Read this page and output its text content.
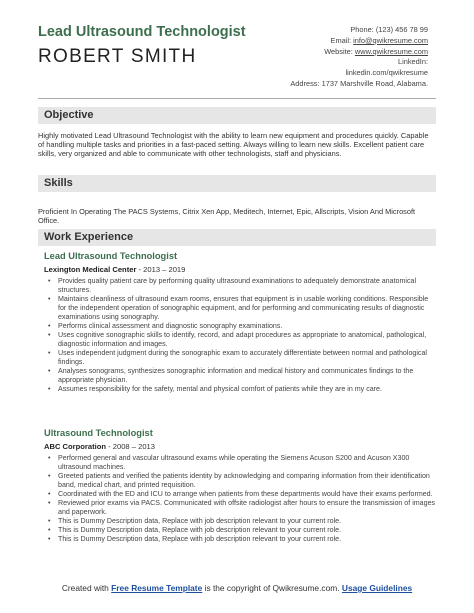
Lead Ultrasound Technologist
ROBERT SMITH
Phone: (123) 456 78 99
Email: info@qwikresume.com
Website: www.qwikresume.com
LinkedIn:
linkedin.com/qwikresume
Address: 1737 Marshville Road, Alabama.
Objective
Highly motivated Lead Ultrasound Technologist with the ability to learn new equipment and procedures quickly. Capable of handling multiple tasks and priorities in a fast-paced setting. Always willing to learn new skills. Excellent patient care skills, very organized and able to communicate with other technologists, staff and physicians.
Skills
Proficient In Operating The PACS Systems, Citrix Xen App, Meditech, Internet, Epic, Allscripts, Vision And Microsoft Office.
Work Experience
Lead Ultrasound Technologist
Lexington Medical Center - 2013 – 2019
• Provides quality patient care by performing quality ultrasound examinations to adequately demonstrate anatomical structures.
• Maintains cleanliness of ultrasound exam rooms, ensures that equipment is in usable working conditions. Responsible for the independent operation of sonographic equipment, and for performing and communicating results of diagnostic examinations using sonography.
• Performs clinical assessment and diagnostic sonography examinations.
• Uses cognitive sonographic skills to identify, record, and adapt procedures as appropriate to anatomical, pathological, diagnostic information and images.
• Uses independent judgment during the sonographic exam to accurately differentiate between normal and pathological findings.
• Analyses sonograms, synthesizes sonographic information and medical history and communicates findings to the appropriate physician.
• Assumes responsibility for the safety, mental and physical comfort of patients while they are in my care.
Ultrasound Technologist
ABC Corporation - 2008 – 2013
• Performed general and vascular ultrasound exams while operating the Siemens Acuson S200 and Acuson X300 ultrasound machines.
• Greeted patients and verified the patients identity by acknowledging and comparing information from their identification band, medical chart, and printed requisition.
• Coordinated with the ED and ICU to arrange when patients from these departments would have their exams performed.
• Reviewed prior exams via PACS. Communicated with offsite radiologist after hours to ensure the transmission of images and paperwork.
• This is Dummy Description data, Replace with job description relevant to your current role.
• This is Dummy Description data, Replace with job description relevant to your current role.
• This is Dummy Description data, Replace with job description relevant to your current role.
Created with Free Resume Template is the copyright of Qwikresume.com. Usage Guidelines
